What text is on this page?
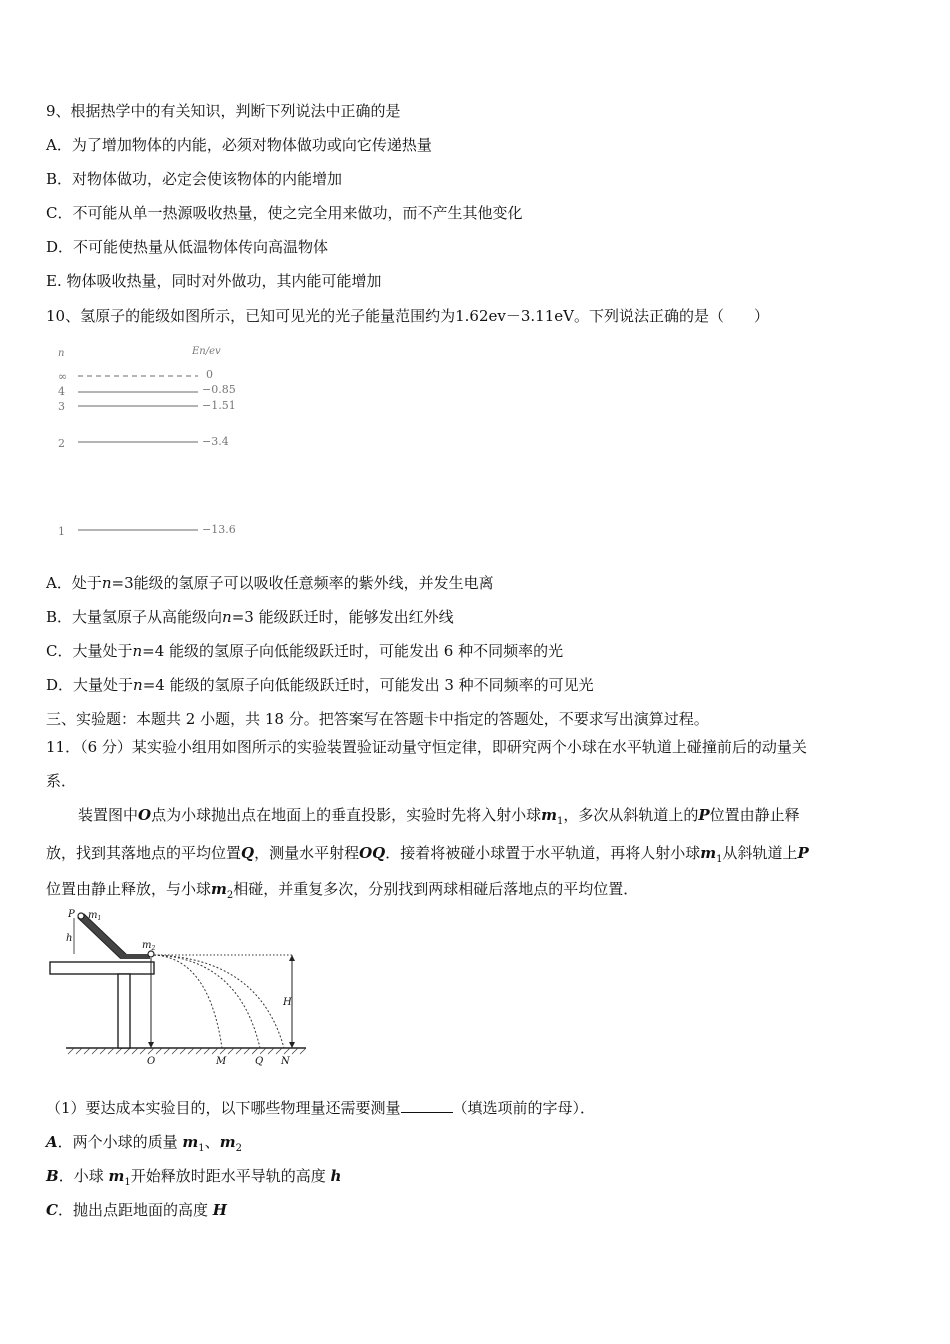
9、根据热学中的有关知识，判断下列说法中正确的是
A．为了增加物体的内能，必须对物体做功或向它传递热量
B．对物体做功，必定会使该物体的内能增加
C．不可能从单一热源吸收热量，使之完全用来做功，而不产生其他变化
D．不可能使热量从低温物体传向高温物体
E. 物体吸收热量，同时对外做功，其内能可能增加
10、氢原子的能级如图所示，已知可见光的光子能量范围约为1.62ev－3.11eV。下列说法正确的是（　　）
n	En/ev
∞
4
3
2
1
0
−0.85
−1.51
−3.4
−13.6
A．处于n=3能级的氢原子可以吸收任意频率的紫外线，并发生电离
B．大量氢原子从高能级向n=3 能级跃迁时，能够发出红外线
C．大量处于n=4 能级的氢原子向低能级跃迁时，可能发出 6 种不同频率的光
D．大量处于n=4 能级的氢原子向低能级跃迁时，可能发出 3 种不同频率的可见光
三、实验题：本题共 2 小题，共 18 分。把答案写在答题卡中指定的答题处，不要求写出演算过程。
11．（6 分）某实验小组用如图所示的实验装置验证动量守恒定律，即研究两个小球在水平轨道上碰撞前后的动量关
系．
装置图中O点为小球抛出点在地面上的垂直投影，实验时先将入射小球$m_1$，多次从斜轨道上的P位置由静止释
放，找到其落地点的平均位置Q，测量水平射程OQ．接着将被碰小球置于水平轨道，再将人射小球$m_1$从斜轨道上P
位置由静止释放，与小球$m_2$相碰，并重复多次，分别找到两球相碰后落地点的平均位置．
P $m_1$
h
$m_2$
H
O	M	Q N
（1）要达成本实验目的，以下哪些物理量还需要测量	（填选项前的字母）．
A．两个小球的质量 $m_1$、$m_2$
B．小球 $m_1$开始释放时距水平导轨的高度 h
C．抛出点距地面的高度 H
